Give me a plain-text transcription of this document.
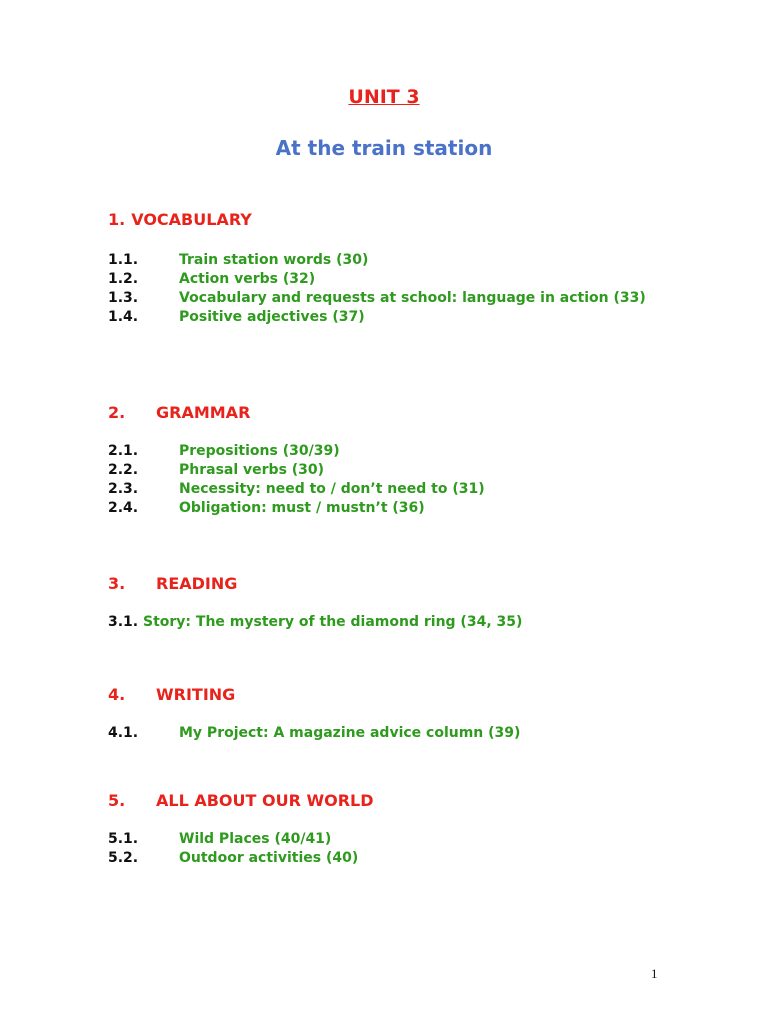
UNIT 3
At the train station
1. VOCABULARY
1.1.	Train station words (30)
1.2.	Action verbs (32)
1.3.	Vocabulary and requests at school: language in action (33)
1.4.	Positive adjectives (37)
2. GRAMMAR
2.1.	Prepositions (30/39)
2.2.	Phrasal verbs (30)
2.3.	Necessity: need to / don’t need to (31)
2.4.	Obligation: must / mustn’t (36)
3. READING
3.1. Story: The mystery of the diamond ring (34, 35)
4. WRITING
4.1.	My Project: A magazine advice column (39)
5. ALL ABOUT OUR WORLD
5.1.	Wild Places (40/41)
5.2.	Outdoor activities (40)
1
